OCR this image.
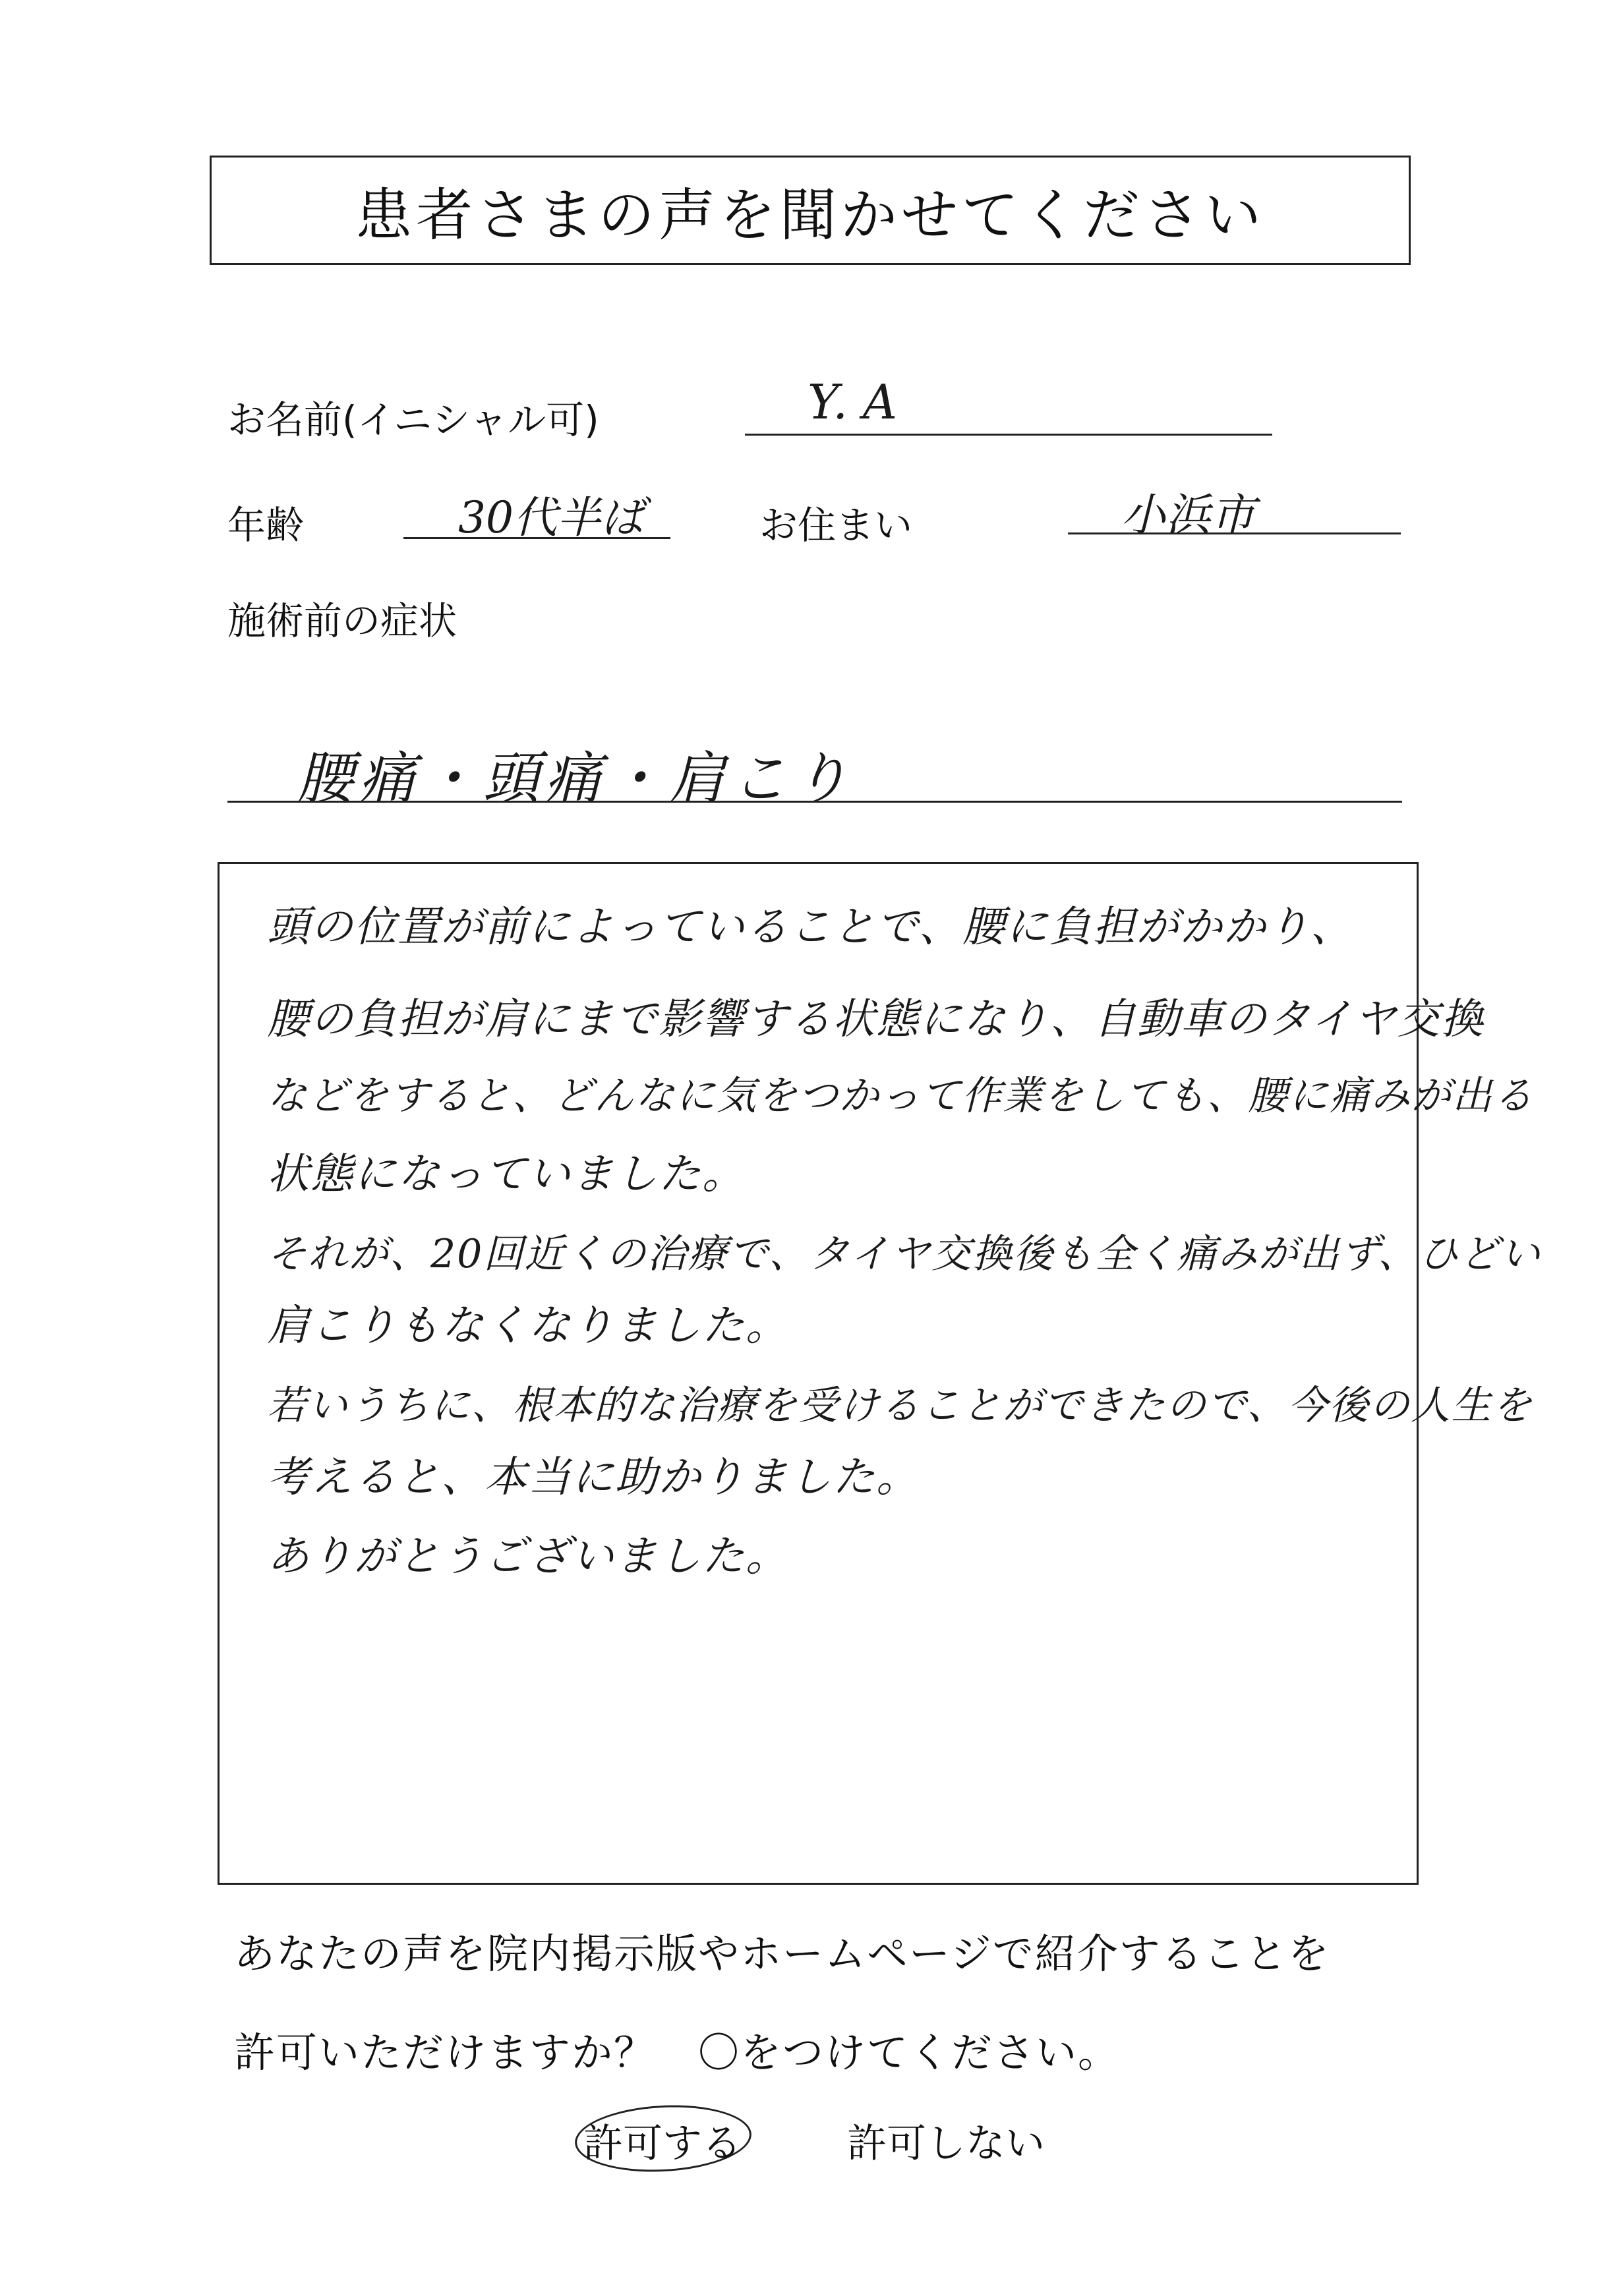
患者さまの声を聞かせてください
お名前(イニシャル可)	Y. A
年齢	30代半ば	お住まい	小浜市
施術前の症状
腰痛・頭痛・肩こり
頭の位置が前によっていることで、腰に負担がかかり、
腰の負担が肩にまで影響する状態になり、自動車のタイヤ交換
などをすると、どんなに気をつかって作業をしても、腰に痛みが出る
状態になっていました。
それが、20回近くの治療で、タイヤ交換後も全く痛みが出ず、ひどい
肩こりもなくなりました。
若いうちに、根本的な治療を受けることができたので、今後の人生を
考えると、本当に助かりました。
ありがとうございました。
あなたの声を院内掲示版やホームページで紹介することを
許可いただけますか？　〇をつけてください。
許可する	許可しない
